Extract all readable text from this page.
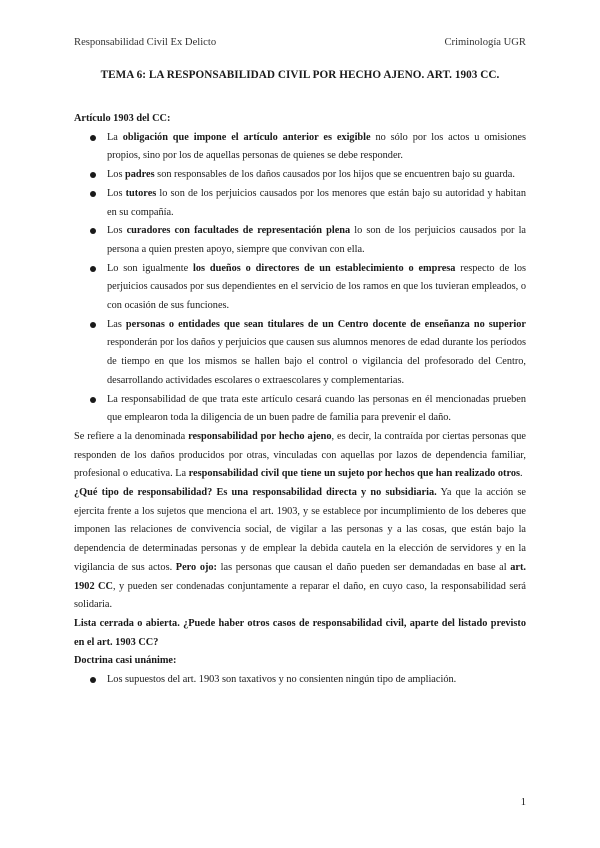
Responsabilidad Civil Ex Delicto	Criminología UGR
TEMA 6: LA RESPONSABILIDAD CIVIL POR HECHO AJENO. ART. 1903 CC.

Artículo 1903 del CC:

La obligación que impone el artículo anterior es exigible no sólo por los actos u omisiones propios, sino por los de aquellas personas de quienes se debe responder.
Los padres son responsables de los daños causados por los hijos que se encuentren bajo su guarda.
Los tutores lo son de los perjuicios causados por los menores que están bajo su autoridad y habitan en su compañía.
Los curadores con facultades de representación plena lo son de los perjuicios causados por la persona a quien presten apoyo, siempre que convivan con ella.
Lo son igualmente los dueños o directores de un establecimiento o empresa respecto de los perjuicios causados por sus dependientes en el servicio de los ramos en que los tuvieran empleados, o con ocasión de sus funciones.
Las personas o entidades que sean titulares de un Centro docente de enseñanza no superior responderán por los daños y perjuicios que causen sus alumnos menores de edad durante los períodos de tiempo en que los mismos se hallen bajo el control o vigilancia del profesorado del Centro, desarrollando actividades escolares o extraescolares y complementarias.
La responsabilidad de que trata este artículo cesará cuando las personas en él mencionadas prueben que emplearon toda la diligencia de un buen padre de familia para prevenir el daño.

Se refiere a la denominada responsabilidad por hecho ajeno, es decir, la contraída por ciertas personas que responden de los daños producidos por otras, vinculadas con aquellas por lazos de dependencia familiar, profesional o educativa. La responsabilidad civil que tiene un sujeto por hechos que han realizado otros.

¿Qué tipo de responsabilidad? Es una responsabilidad directa y no subsidiaria. Ya que la acción se ejercita frente a los sujetos que menciona el art. 1903, y se establece por incumplimiento de los deberes que imponen las relaciones de convivencia social, de vigilar a las personas y a las cosas, que están bajo la dependencia de determinadas personas y de emplear la debida cautela en la elección de servidores y en la vigilancia de sus actos. Pero ojo: las personas que causan el daño pueden ser demandadas en base al art. 1902 CC, y pueden ser condenadas conjuntamente a reparar el daño, en cuyo caso, la responsabilidad será solidaria.

Lista cerrada o abierta. ¿Puede haber otros casos de responsabilidad civil, aparte del listado previsto en el art. 1903 CC?

Doctrina casi unánime:

Los supuestos del art. 1903 son taxativos y no consienten ningún tipo de ampliación.
1
